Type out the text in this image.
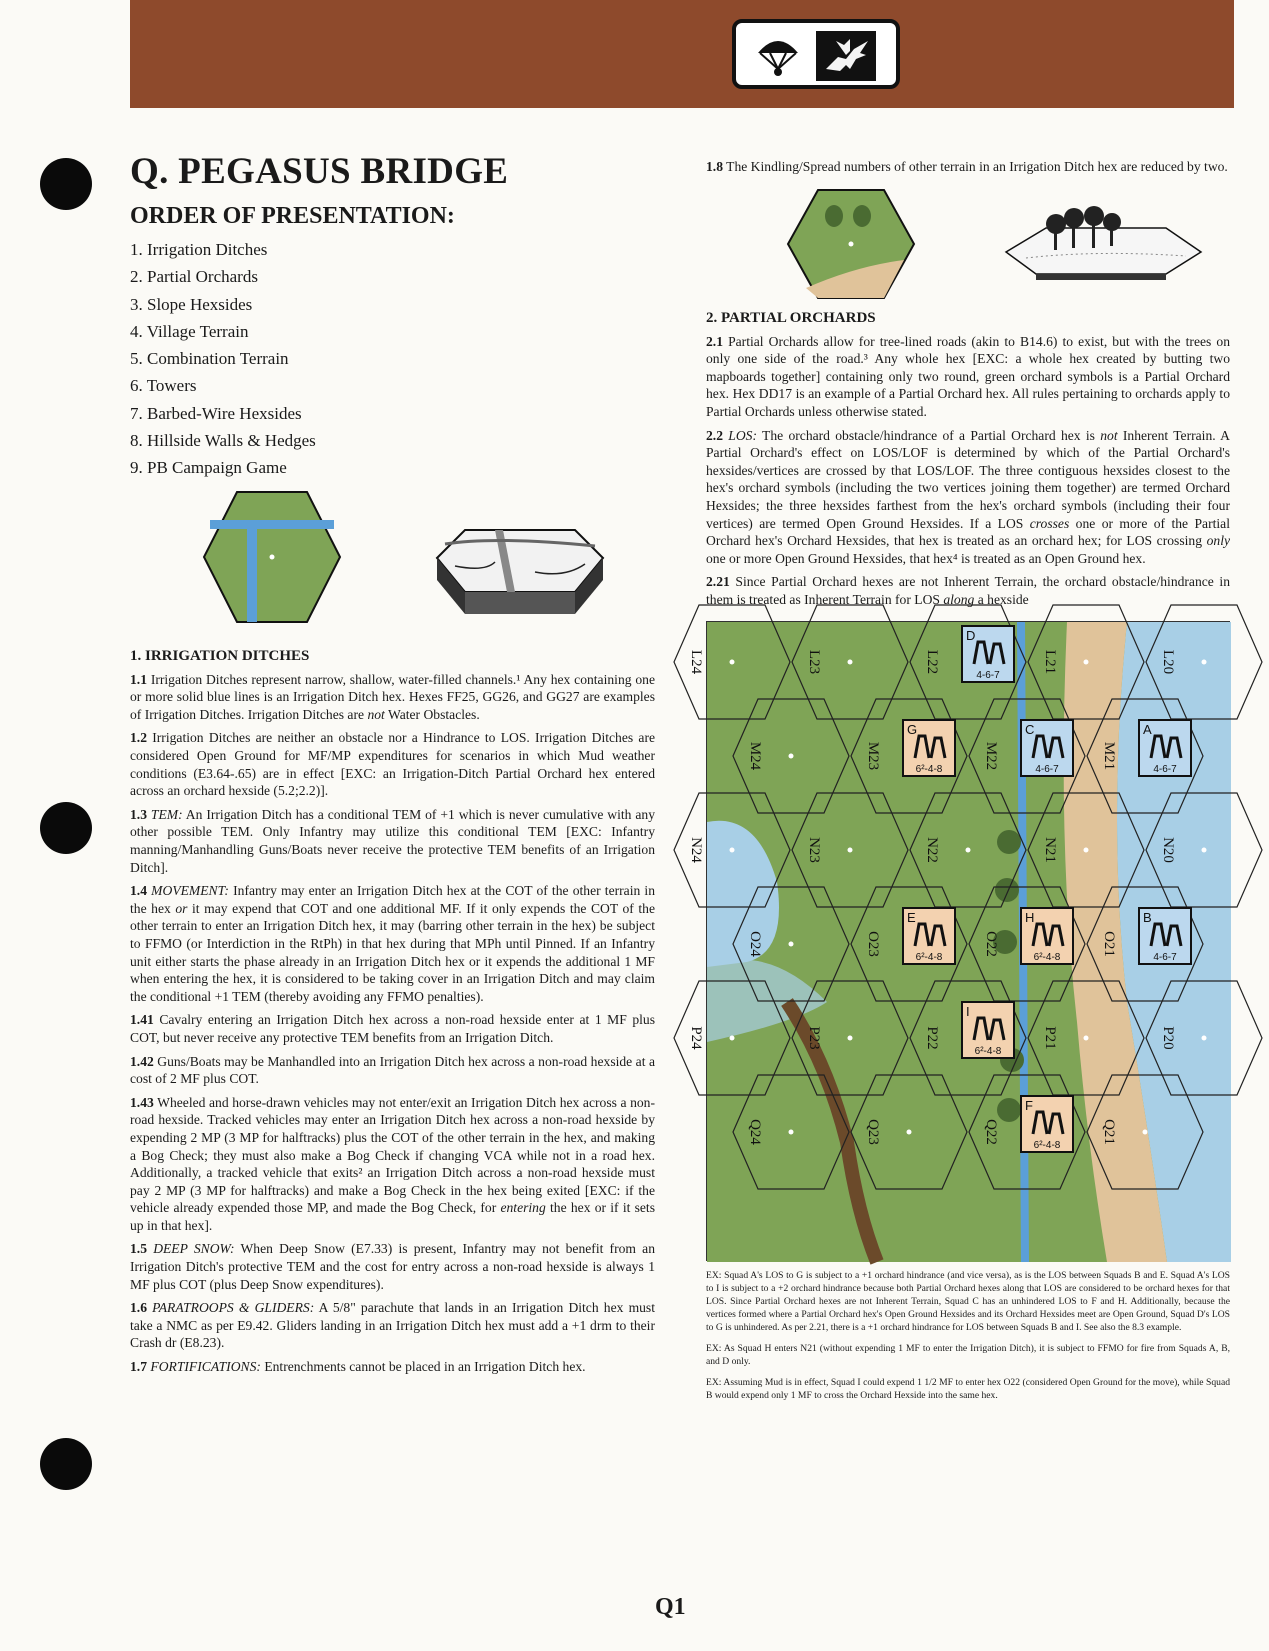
Q. PEGASUS BRIDGE
ORDER OF PRESENTATION:
1. Irrigation Ditches
2. Partial Orchards
3. Slope Hexsides
4. Village Terrain
5. Combination Terrain
6. Towers
7. Barbed-Wire Hexsides
8. Hillside Walls & Hedges
9. PB Campaign Game
1. IRRIGATION DITCHES

1.1 Irrigation Ditches represent narrow, shallow, water-filled channels.¹ Any hex containing one or more solid blue lines is an Irrigation Ditch hex. Hexes FF25, GG26, and GG27 are examples of Irrigation Ditches. Irrigation Ditches are not Water Obstacles.

1.2 Irrigation Ditches are neither an obstacle nor a Hindrance to LOS. Irrigation Ditches are considered Open Ground for MF/MP expenditures for scenarios in which Mud weather conditions (E3.64-.65) are in effect [EXC: an Irrigation-Ditch Partial Orchard hex entered across an orchard hexside (5.2;2.2)].

1.3 TEM: An Irrigation Ditch has a conditional TEM of +1 which is never cumulative with any other possible TEM. Only Infantry may utilize this conditional TEM [EXC: Infantry manning/Manhandling Guns/Boats never receive the protective TEM benefits of an Irrigation Ditch].

1.4 MOVEMENT: Infantry may enter an Irrigation Ditch hex at the COT of the other terrain in the hex or it may expend that COT and one additional MF. If it only expends the COT of the other terrain to enter an Irrigation Ditch hex, it may (barring other terrain in the hex) be subject to FFMO (or Interdiction in the RtPh) in that hex during that MPh until Pinned. If an Infantry unit either starts the phase already in an Irrigation Ditch hex or it expends the additional 1 MF when entering the hex, it is considered to be taking cover in an Irrigation Ditch and may claim the conditional +1 TEM (thereby avoiding any FFMO penalties).

1.41 Cavalry entering an Irrigation Ditch hex across a non-road hexside enter at 1 MF plus COT, but never receive any protective TEM benefits from an Irrigation Ditch.

1.42 Guns/Boats may be Manhandled into an Irrigation Ditch hex across a non-road hexside at a cost of 2 MF plus COT.

1.43 Wheeled and horse-drawn vehicles may not enter/exit an Irrigation Ditch hex across a non-road hexside. Tracked vehicles may enter an Irrigation Ditch hex across a non-road hexside by expending 2 MP (3 MP for halftracks) plus the COT of the other terrain in the hex, and making a Bog Check; they must also make a Bog Check if changing VCA while not in a road hex. Additionally, a tracked vehicle that exits² an Irrigation Ditch across a non-road hexside must pay 2 MP (3 MP for halftracks) and make a Bog Check in the hex being exited [EXC: if the vehicle already expended those MP, and made the Bog Check, for entering the hex or if it sets up in that hex].

1.5 DEEP SNOW: When Deep Snow (E7.33) is present, Infantry may not benefit from an Irrigation Ditch's protective TEM and the cost for entry across a non-road hexside is always 1 MF plus COT (plus Deep Snow expenditures).

1.6 PARATROOPS & GLIDERS: A 5/8" parachute that lands in an Irrigation Ditch hex must take a NMC as per E9.42. Gliders landing in an Irrigation Ditch hex must add a +1 drm to their Crash dr (E8.23).

1.7 FORTIFICATIONS: Entrenchments cannot be placed in an Irrigation Ditch hex.

1.8 The Kindling/Spread numbers of other terrain in an Irrigation Ditch hex are reduced by two.

2. PARTIAL ORCHARDS

2.1 Partial Orchards allow for tree-lined roads (akin to B14.6) to exist, but with the trees on only one side of the road.³ Any whole hex [EXC: a whole hex created by butting two mapboards together] containing only two round, green orchard symbols is a Partial Orchard hex. Hex DD17 is an example of a Partial Orchard hex. All rules pertaining to orchards apply to Partial Orchards unless otherwise stated.

2.2 LOS: The orchard obstacle/hindrance of a Partial Orchard hex is not Inherent Terrain. A Partial Orchard's effect on LOS/LOF is determined by which of the Partial Orchard's hexsides/vertices are crossed by that LOS/LOF. The three contiguous hexsides closest to the hex's orchard symbols (including the two vertices joining them together) are termed Orchard Hexsides; the three hexsides farthest from the hex's orchard symbols (including their four vertices) are termed Open Ground Hexsides. If a LOS crosses one or more of the Partial Orchard hex's Orchard Hexsides, that hex is treated as an orchard hex; for LOS crossing only one or more Open Ground Hexsides, that hex⁴ is treated as an Open Ground hex.

2.21 Since Partial Orchard hexes are not Inherent Terrain, the orchard obstacle/hindrance in them is treated as Inherent Terrain for LOS along a hexside

L24	L23	L22	L21	L20
M24	M23	M22	M21
N24	N23	N22	N21	N20
O24	O23	O22	O21
P24	P23	P22	P21	P20
Q24	Q23	Q22	Q21
D
4-6-7
G
6²-4-8
C
4-6-7
A
4-6-7
E
6²-4-8
H
6²-4-8
B
4-6-7
I
6²-4-8
F
6²-4-8

EX: Squad A's LOS to G is subject to a +1 orchard hindrance (and vice versa), as is the LOS between Squads B and E. Squad A's LOS to I is subject to a +2 orchard hindrance because both Partial Orchard hexes along that LOS are considered to be orchard hexes for that LOS. Since Partial Orchard hexes are not Inherent Terrain, Squad C has an unhindered LOS to F and H. Additionally, because the vertices formed where a Partial Orchard hex's Open Ground Hexsides and its Orchard Hexsides meet are Open Ground, Squad D's LOS to G is unhindered. As per 2.21, there is a +1 orchard hindrance for LOS between Squads B and I. See also the 8.3 example.

EX: As Squad H enters N21 (without expending 1 MF to enter the Irrigation Ditch), it is subject to FFMO for fire from Squads A, B, and D only.

EX: Assuming Mud is in effect, Squad I could expend 1 1/2 MF to enter hex O22 (considered Open Ground for the move), while Squad B would expend only 1 MF to cross the Orchard Hexside into the same hex.

Q1
